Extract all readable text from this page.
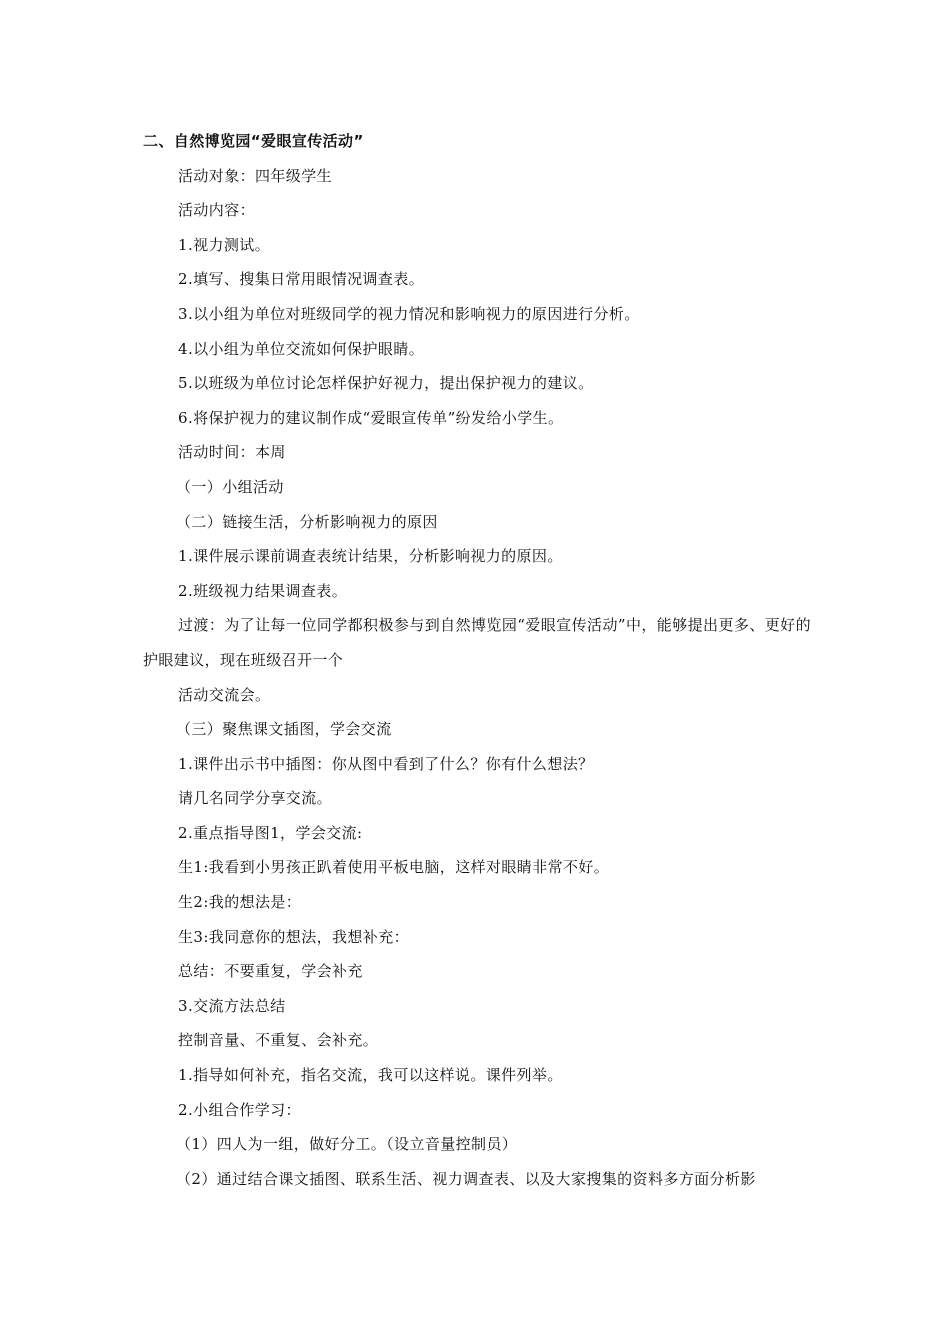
二、自然博览园“爱眼宣传活动”
活动对象：四年级学生
活动内容：
1.视力测试。
2.填写、搜集日常用眼情况调查表。
3.以小组为单位对班级同学的视力情况和影响视力的原因进行分析。
4.以小组为单位交流如何保护眼睛。
5.以班级为单位讨论怎样保护好视力，提出保护视力的建议。
6.将保护视力的建议制作成“爱眼宣传单”纷发给小学生。
活动时间：本周
（一）小组活动
（二）链接生活，分析影响视力的原因
1.课件展示课前调查表统计结果，分析影响视力的原因。
2.班级视力结果调查表。
过渡：为了让每一位同学都积极参与到自然博览园“爱眼宣传活动”中，能够提出更多、更好的护眼建议，现在班级召开一个
活动交流会。
（三）聚焦课文插图，学会交流
1.课件出示书中插图：你从图中看到了什么？你有什么想法？
请几名同学分享交流。
2.重点指导图1，学会交流:
生1:我看到小男孩正趴着使用平板电脑，这样对眼睛非常不好。
生2:我的想法是：
生3:我同意你的想法，我想补充：
总结：不要重复，学会补充
3.交流方法总结
控制音量、不重复、会补充。
1.指导如何补充，指名交流，我可以这样说。课件列举。
2.小组合作学习：
（1）四人为一组，做好分工。（设立音量控制员）
（2）通过结合课文插图、联系生活、视力调查表、以及大家搜集的资料多方面分析影
